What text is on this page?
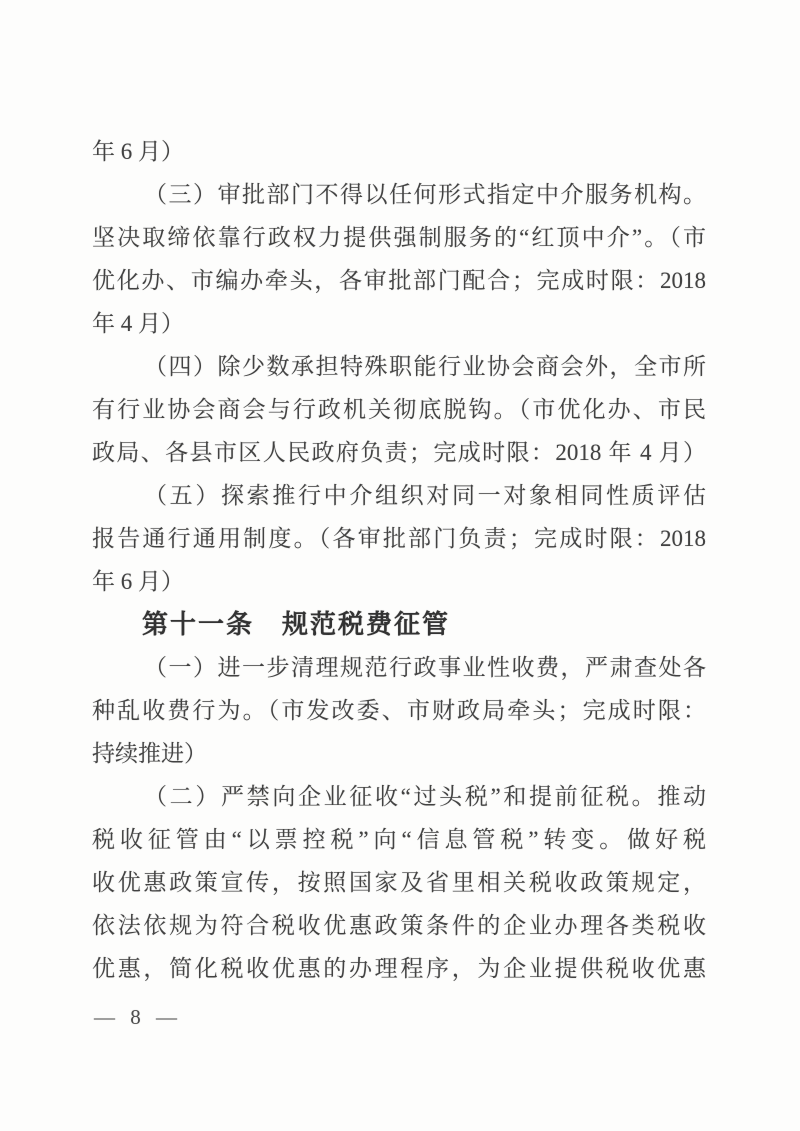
年 6 月）
（三）审批部门不得以任何形式指定中介服务机构。
坚决取缔依靠行政权力提供强制服务的“红顶中介”。（市
优化办、市编办牵头，各审批部门配合；完成时限：2018
年 4 月）
（四）除少数承担特殊职能行业协会商会外，全市所
有行业协会商会与行政机关彻底脱钩。（市优化办、市民
政局、各县市区人民政府负责；完成时限：2018 年 4 月）
（五）探索推行中介组织对同一对象相同性质评估
报告通行通用制度。（各审批部门负责；完成时限：2018
年 6 月）
第十一条　规范税费征管
（一）进一步清理规范行政事业性收费，严肃查处各
种乱收费行为。（市发改委、市财政局牵头；完成时限：
持续推进）
（二）严禁向企业征收“过头税”和提前征税。推动
税收征管由“以票控税”向“信息管税”转变。做好税
收优惠政策宣传，按照国家及省里相关税收政策规定，
依法依规为符合税收优惠政策条件的企业办理各类税收
优惠，简化税收优惠的办理程序，为企业提供税收优惠
— 8 —
